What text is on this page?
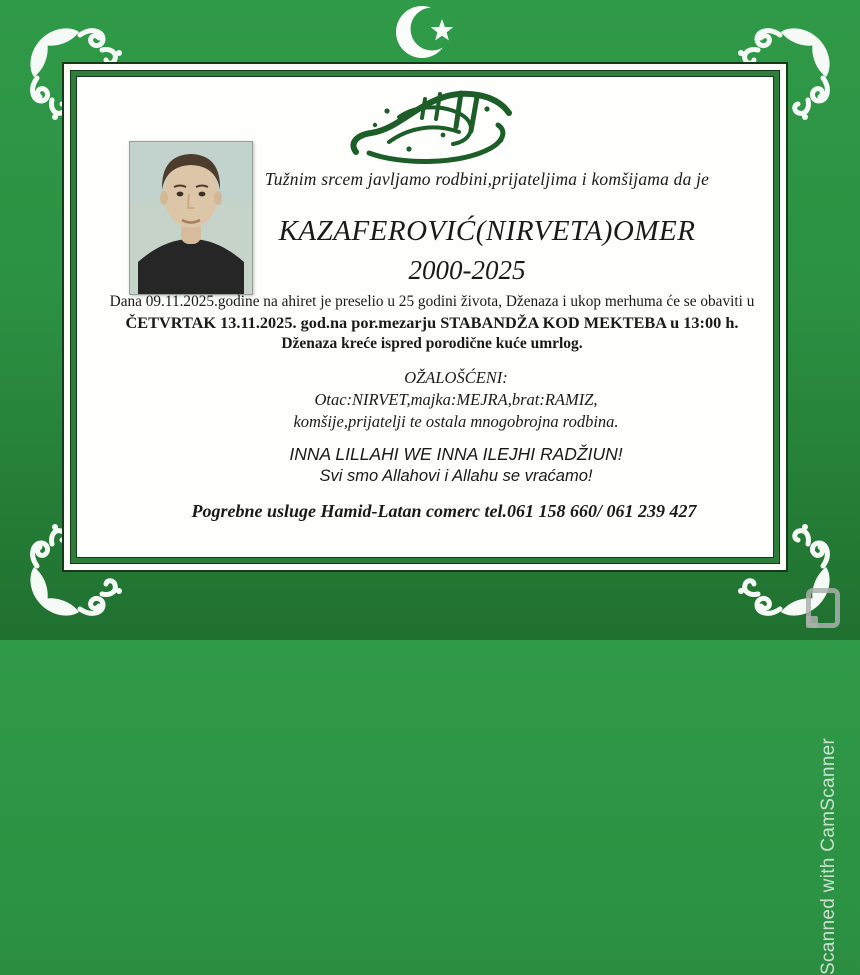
Tužnim srcem javljamo rodbini,prijateljima i komšijama da je
KAZAFEROVIĆ(NIRVETA)OMER
2000-2025
Dana 09.11.2025.godine na ahiret je preselio u 25 godini života, Dženaza i ukop merhuma će se obaviti u
ČETVRTAK 13.11.2025. god.na por.mezarju STABANDŽA KOD MEKTEBA u 13:00 h.
Dženaza kreće ispred porodične kuće umrlog.
OŽALOŠĆENI:
Otac:NIRVET,majka:MEJRA,brat:RAMIZ,
komšije,prijatelji te ostala mnogobrojna rodbina.
INNA LILLAHI WE INNA ILEJHI RADŽIUN!
Svi smo Allahovi i Allahu se vraćamo!
Pogrebne usluge Hamid-Latan comerc tel.061 158 660/ 061 239 427
Scanned with CamScanner
